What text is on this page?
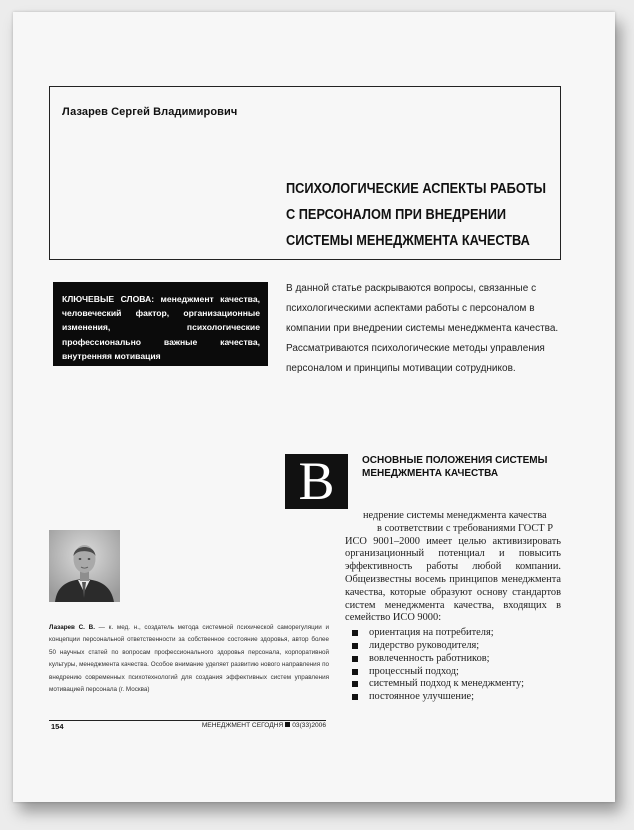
Лазарев Сергей Владимирович
ПСИХОЛОГИЧЕСКИЕ АСПЕКТЫ РАБОТЫ
С ПЕРСОНАЛОМ ПРИ ВНЕДРЕНИИ
СИСТЕМЫ МЕНЕДЖМЕНТА КАЧЕСТВА
КЛЮЧЕВЫЕ СЛОВА: менеджмент качества, человеческий фактор, организационные изменения, психологические профессионально важные качества, внутренняя мотивация
В данной статье раскрываются вопросы, связанные с психологическими аспектами работы с персоналом в компании при внедрении системы менеджмента качества. Рассматриваются психологические методы управления персоналом и принципы мотивации сотрудников.
В	ОСНОВНЫЕ ПОЛОЖЕНИЯ СИСТЕМЫ
МЕНЕДЖМЕНТА КАЧЕСТВА

недрение системы менеджмента качества

в соответствии с требованиями ГОСТ Р

ИСО 9001–2000 имеет целью активизировать организационный потенциал и повысить эффективность работы любой компании. Общеизвестны восемь принципов менеджмента качества, которые образуют основу стандартов систем менеджмента качества, входящих в семейство ИСО 9000:

ориентация на потребителя;
лидерство руководителя;
вовлеченность работников;
процессный подход;
системный подход к менеджменту;
постоянное улучшение;
Лазарев С. В. — к. мед. н., создатель метода системной психической саморегуляции и концепции персональной ответственности за собственное состояние здоровья, автор более 50 научных статей по вопросам профессионального здоровья персонала, корпоративной культуры, менеджмента качества. Особое внимание уделяет развитию нового направления по внедрению современных психотехнологий для создания эффективных систем управления мотивацией персонала (г. Москва)
154	МЕНЕДЖМЕНТ СЕГОДНЯ 03(33)2006
